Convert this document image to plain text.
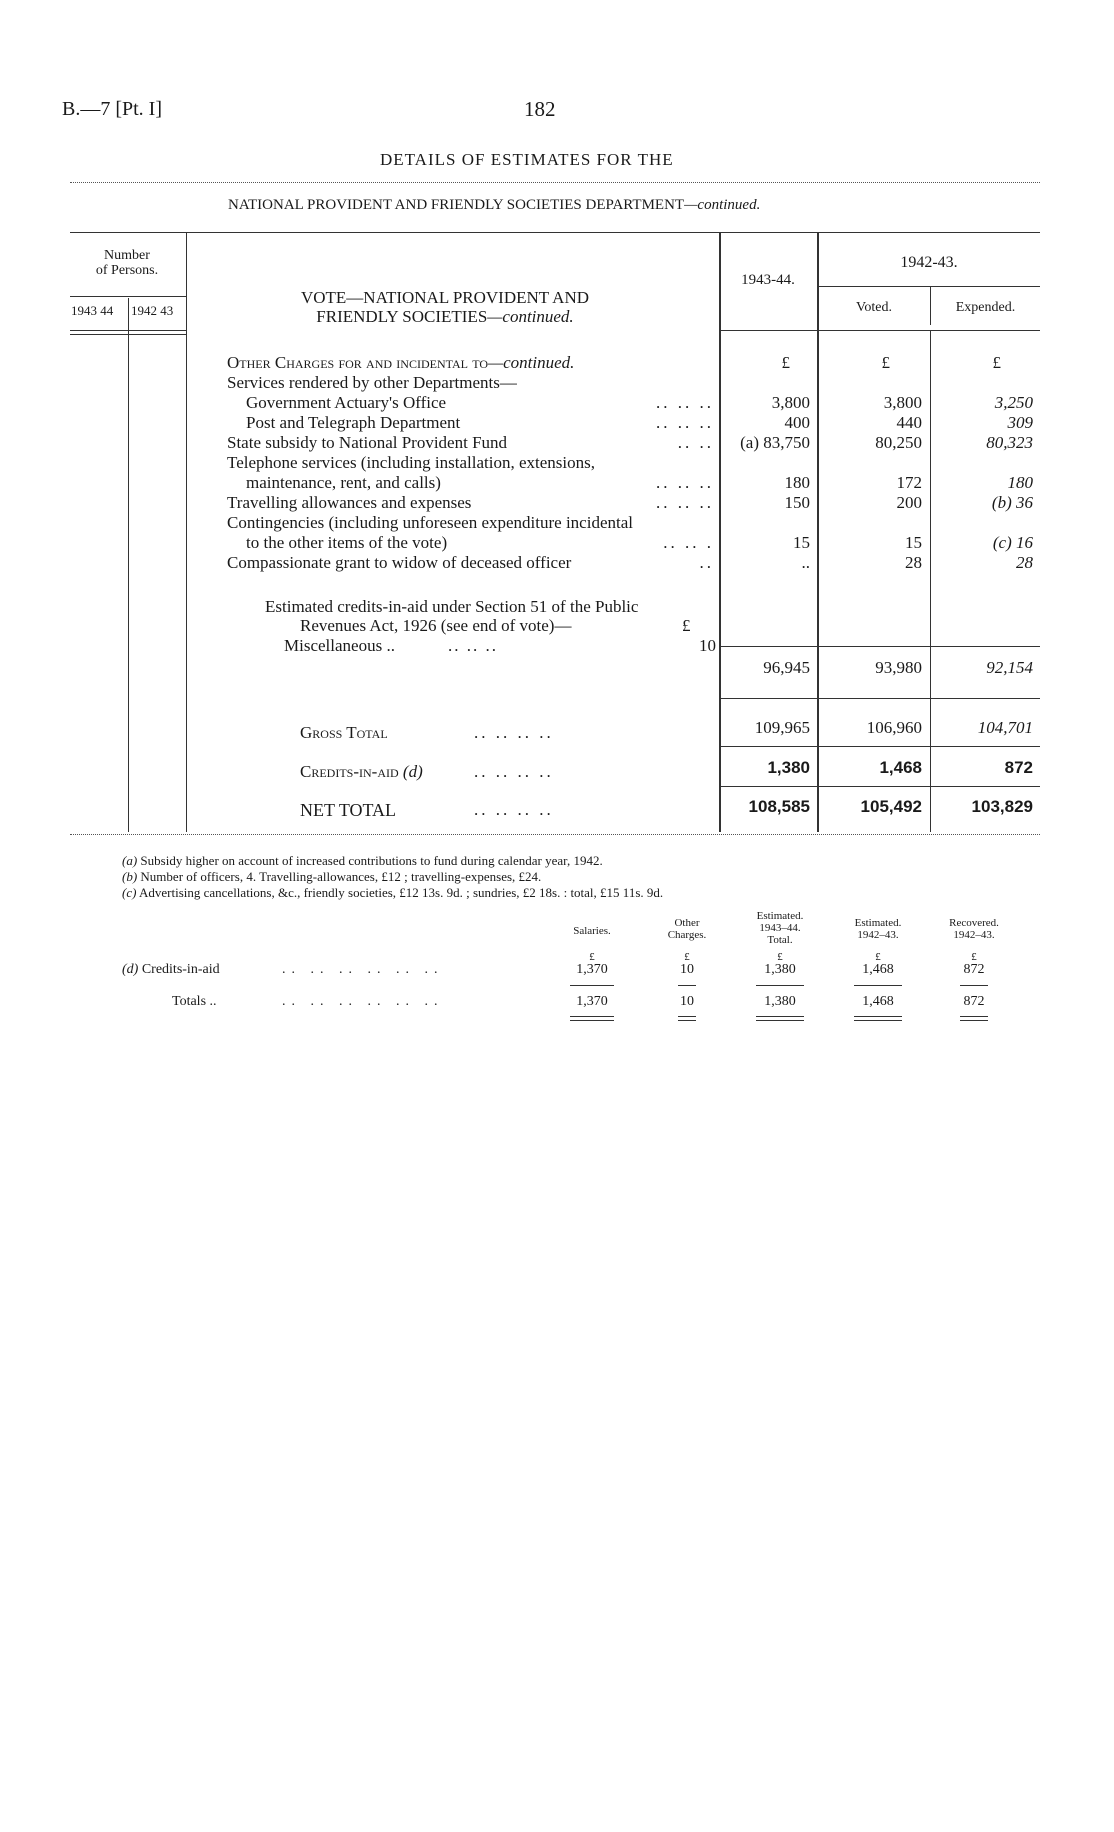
B.—7 [Pt. I]	182
DETAILS OF ESTIMATES FOR THE
NATIONAL PROVIDENT AND FRIENDLY SOCIETIES DEPARTMENT—continued.
Number
of Persons.
1943 44 1942 43
VOTE—NATIONAL PROVIDENT AND
FRIENDLY SOCIETIES—continued.
1943-44.
1942-43.
Voted.	Expended.
Other Charges for and incidental to—continued.	£	£	£
Services rendered by other Departments—
Government Actuary's Office	.. .. ..	3,800	3,800	3,250
Post and Telegraph Department	.. .. ..	400	440	309
State subsidy to National Provident Fund	.. ..	(a) 83,750	80,250	80,323
Telephone services (including installation, extensions,
maintenance, rent, and calls)	.. .. ..	180	172	180
Travelling allowances and expenses	.. .. ..	150	200	(b) 36
Contingencies (including unforeseen expenditure incidental
to the other items of the vote)	.. .. .	15	15	(c) 16
Compassionate grant to widow of deceased officer	..	..	28	28
Estimated credits-in-aid under Section 51 of the Public
Revenues Act, 1926 (see end of vote)—	£
Miscellaneous ..	.. .. ..	10
96,945	93,980	92,154
Gross Total	.. .. .. ..	109,965	106,960	104,701
Credits-in-aid (d)	.. .. .. ..	1,380	1,468	872
NET TOTAL	.. .. .. ..	108,585	105,492	103,829
(a) Subsidy higher on account of increased contributions to fund during calendar year, 1942.
(b) Number of officers, 4. Travelling-allowances, £12 ; travelling-expenses, £24.
(c) Advertising cancellations, &c., friendly societies, £12 13s. 9d. ; sundries, £2 18s. : total, £15 11s. 9d.
Salaries.
Other
Charges.
Estimated.
1943–44.
Total.
Estimated.
1942–43.
Recovered.
1942–43.
£	£	£	£	£
(d) Credits-in-aid	.. .. .. .. .. ..	1,370	10	1,380	1,468	872
Totals ..	.. .. .. .. .. ..	1,370	10	1,380	1,468	872
